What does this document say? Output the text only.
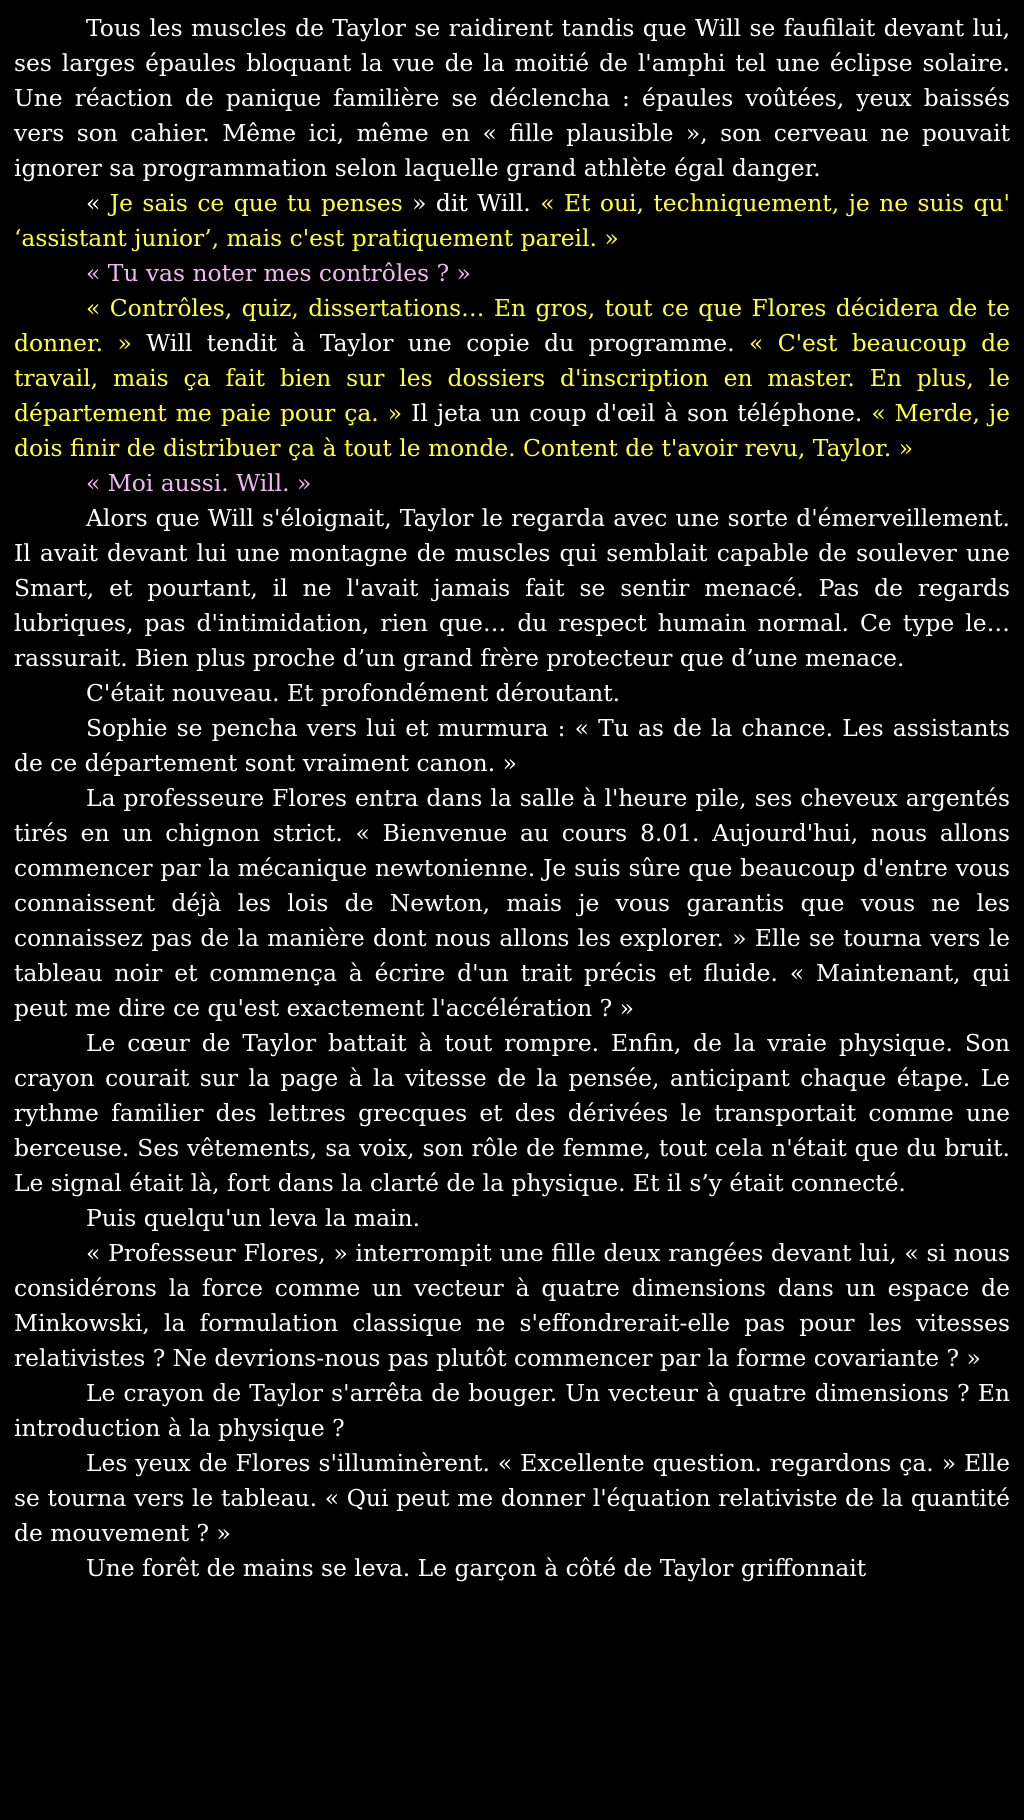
Tous les muscles de Taylor se raidirent tandis que Will se faufilait devant lui, ses larges épaules bloquant la vue de la moitié de l'amphi tel une éclipse solaire. Une réaction de panique familière se déclencha : épaules voûtées, yeux baissés vers son cahier. Même ici, même en « fille plausible », son cerveau ne pouvait ignorer sa programmation selon laquelle grand athlète égal danger.

« Je sais ce que tu penses » dit Will. « Et oui, techniquement, je ne suis qu' ‘assistant junior’, mais c'est pratiquement pareil. »

« Tu vas noter mes contrôles ? »

« Contrôles, quiz, dissertations… En gros, tout ce que Flores décidera de te donner. » Will tendit à Taylor une copie du programme. « C'est beaucoup de travail, mais ça fait bien sur les dossiers d'inscription en master. En plus, le département me paie pour ça. » Il jeta un coup d'œil à son téléphone. « Merde, je dois finir de distribuer ça à tout le monde. Content de t'avoir revu, Taylor. »

« Moi aussi. Will. »

Alors que Will s'éloignait, Taylor le regarda avec une sorte d'émerveillement. Il avait devant lui une montagne de muscles qui semblait capable de soulever une Smart, et pourtant, il ne l'avait jamais fait se sentir menacé. Pas de regards lubriques, pas d'intimidation, rien que… du respect humain normal. Ce type le… rassurait. Bien plus proche d’un grand frère protecteur que d’une menace.

C'était nouveau. Et profondément déroutant.

Sophie se pencha vers lui et murmura : « Tu as de la chance. Les assistants de ce département sont vraiment canon. »

La professeure Flores entra dans la salle à l'heure pile, ses cheveux argentés tirés en un chignon strict. « Bienvenue au cours 8.01. Aujourd'hui, nous allons commencer par la mécanique newtonienne. Je suis sûre que beaucoup d'entre vous connaissent déjà les lois de Newton, mais je vous garantis que vous ne les connaissez pas de la manière dont nous allons les explorer. » Elle se tourna vers le tableau noir et commença à écrire d'un trait précis et fluide. « Maintenant, qui peut me dire ce qu'est exactement l'accélération ? »

Le cœur de Taylor battait à tout rompre. Enfin, de la vraie physique. Son crayon courait sur la page à la vitesse de la pensée, anticipant chaque étape. Le rythme familier des lettres grecques et des dérivées le transportait comme une berceuse. Ses vêtements, sa voix, son rôle de femme, tout cela n'était que du bruit. Le signal était là, fort dans la clarté de la physique. Et il s’y était connecté.

Puis quelqu'un leva la main.

« Professeur Flores, » interrompit une fille deux rangées devant lui, « si nous considérons la force comme un vecteur à quatre dimensions dans un espace de Minkowski, la formulation classique ne s'effondrerait-elle pas pour les vitesses relativistes ? Ne devrions-nous pas plutôt commencer par la forme covariante ? »

Le crayon de Taylor s'arrêta de bouger. Un vecteur à quatre dimensions ? En introduction à la physique ?

Les yeux de Flores s'illuminèrent. « Excellente question. regardons ça. » Elle se tourna vers le tableau. « Qui peut me donner l'équation relativiste de la quantité de mouvement ? »

Une forêt de mains se leva. Le garçon à côté de Taylor griffonnait
